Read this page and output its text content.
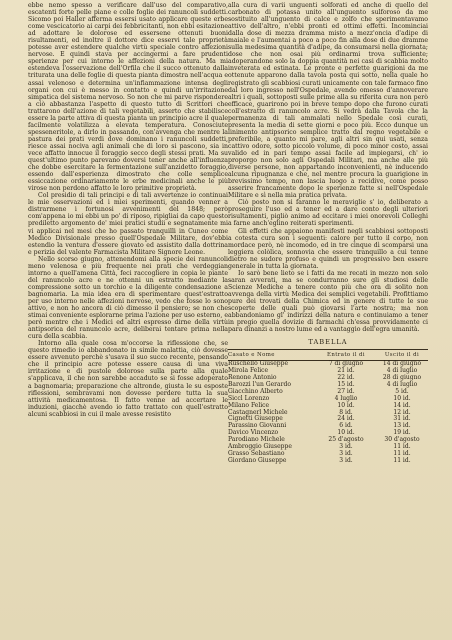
ebbe nemo spesso a verificare dall'uso del comparativo, escatenti forte pelle piane e colle foglie dei ranuncoli suddetti. Sicomo poi Haller afferma essersi usato applicare queste erbe come vescicatorio ai carpi dei febbricitanti, non ebbi esitazione ad adottare le dolorose ed essersene ottenuti buoni risultamenti, ed inoltre il dottore dice esservi tale proprietà potesse aver estendere qualche virtù speciale contro affezioni nervose. E quindi stava per accingermi a fare prudenti sperienze per cui intorno le affezioni della natura. Ma mi estendeva l'osservazione dell'Orfila che il succo ottenuto dalla triturata una delle foglie di questa pianta dimostra nell'acqua e assai velenoso e determina un'infiammazione intensa degli organi con cui è messo in contatto e quindi un'irritazione simpatica del sistema nervoso. So non che mi parve rispondere a ciò abbastanza l'aspetto di questo tutto di Scrittori che trattarono dell'azione di tali vegetabili, asserto che stabilisce essere la parte attiva di questa pianta un principio acre il quale facilmente volatilizza a elevata temperatura. Conosciute spesseneritole, a dirlo in passando, con'avvenga che mentre la pastura dei prati verdi dove dominano i ranuncoli suddetti, riesce assai nociva agli animali che di loro si pascono, sia in vece affatto innocue il foraggio secco degli stessi prati. Ma su quest'ultimo punto parevano doversi tener anche all'influenza che dobbe esercitare la fermentazione sull'anzidetto foraggio, essendo dall'esperienza dimostrato che colle semplice essiccazione ordinariamente le erbe medicinali anche le più virose non perdono affatto le loro primitive proprietà.

Col presidio di tali principi e di tali avvertenze io continuai le mie osservazioni ed i miei sperimenti, quando venner a distrarmene i fortunosi avvenimenti del 1848; però com'appena io mi ebbi un po' di riposo, ripigliai da capo questo prediletto argomento de' miei pratici studii e segnatamente mi vi applicai nel mesi che ho passato tranquilli in Cuneo come Medico Divisionale presso quell'Ospedale Militare, dov'ebbi estendio la ventura d'essere giovato ed assistito dalla dottrina e perizia del valente Farmacista Militare Signore Leone.

Nello scorso giugno, attenendomi alla specie dei ranuncoli meno velenosa e più frequente nei prati che verdeggian intorno a quell'amena Città, feci raccogliere in copia le piante del ranuncolo acre e ne ottenni un estratto mediante la compressione sotto un torchio e la diligente condensazione a bagnomaria. La mia idea era di sperimentare quest'estratto per uso interno nelle affezioni nervose, vedo che fosse lo sono attivo, e non ho ancora di ciò dimesso il pensiero; se non che stimai conveniente esplorarne prima l'azione per uso esterno, e però mentre che i Medici ed altri espresso dirne della virtù antipsorica del ranuncolo acre, deliberai tentare prima nella cura della scabbia.

Intorno alla quale cosa m'occorse la riflessione che, se questo rimedio io abbandonato in simile malattia, ciò dovesse essere avvenuto perchè s'usava il suo succo recente, pensando che il principio acre potesse essere causa di una viva irritazione e di pustole dolorose sulla parte alla quale s'applicava, il che non sarebbe accaduto se si fosse adoperato a bagnomaria; preparazione che altronde, giusta le su esposte riflessioni, sembravami non dovesse perdere tutta la sua attività medicamentosa. Il fatto venne ad accertare le induzioni, giacchè avendo io fatto trattato con quell'estratto alcuni scabbiosi in cui il male avesse resistito

alla cura di varii unguenti solforati ed anche di quello del carbonato di potassa unito all'unguento sulforoso da me sostituito all'unguento di calce e zolfo che sperimentavamo attivo dell'altro, n'ebbi pronti ed ottimi effetti. Incominciai dalla dose di mezza dramma misto a mezz'oncia d'adipe di maiale e l'aumentai a poco a poco fin alla dose di due dramme sulla medesima quantità d'adipe, da consumarsi nella giornata; dose che non osai più ordinarmi trova sufficiente; adoperandone solo la doppia quantità nei casi di scabbia molto inveterata ed estinata. Le pronte e perfette guarigioni da me ottenute apparono dalla tavola posta qui sotto, nella quale ho registrato gli scabbiosi curati unicamente con tale farmaco fino dal loro ingresso nell'Ospedale, avendo omesso d'annoverare altri i quali, sottoposti sulle prime alla su riferita cura non però efficace, guarirono poi in breve tempo dopo che furono curati coll'estratto di ranuncolo acre. Si vedrà dalla Tavola che la permanenza di tali ammalati nello Spedale così curati, presenta la media di sette giorni e poco più. Ecco dunque un linimento antipsorico semplice tratto dal regno vegetabile e preferibile, a quanto mi pare, agli altri sin qui usati, senza cattivo odore, sotto piccolo volume, di poco minor costo, assai valido ed in pari tempo assai facile ad impiegarsi, ch' io proporgo non solo agli Ospedali Militari, ma anche alle più diverse persone, non appartando inconvenienti, nè inducendo alcuna ripugnanza e che, nel mentre procura la guarigione in brevissimo tempo, non lascia luogo a recidive, come posso asserire francamente dopo le sperienze fatte si nell'Ospedale Militare e sì nella mia pratica privata.

Ciò posto non si faranno le meraviglie s' io, deliberato a proseguire l'uso ed a tener ed a dare conto degli ulteriori risultamenti, pigliò animo ad eccitare i miei onorevoli Colleghi a farne anch'eglino reiterati sperimenti.

Gli effetti che appaiono manifesti negli scabbiosi sottoposti a cotesta cura son i seguenti: calore per tutto il corpo, non mordace però, nè incomodo, ed in tre cinque dì scomparsi una leggiera colòlica, sonnovia che essere tranquillo a cui tenne dietro ne sudore profuso e quindi un progressivo ben essere generale in tutta la giornata.

Io sarò bene lieto se i fatti da me recati in mezzo non solo saran avverati, ma se condurranno sure gli studiosi delle Scienze Mediche a tenere conto più che ora di solito non avvenga della virtù Medica dei semplici vegetabili. Profittiamo pure dei trovati della Chimica ed in genere di tutte le sue scoperte delle quali può giovarsi l'arte nostra; ma non abbandoniamo gl' indirizzi della natura e continuiamo a tener in pregio quella dovizie di farmachi ch'essa provvidamente ci para dinanzi a nostro lume ed a vantaggio dell'egra umanità.

TABELLA
Casato e Nome	Entrato il di	Uscito il di
Ruschello Giuseppe	7 di giugno	14 di giugno
Mirola Felice	21 id.	4 di luglio
Renone Antonio	22 id.	28 di giugno
Barozzi l'un Gerardo	15 id.	4 di luglio
Giacchino Alberto	27 id.	5 id.
Siccl Lorenzo	4 luglio	10 id.
Milano Felice	10 id.	14 id.
Castagnerl Michele	8 id.	12 id.
Cignetti Giuseppe	24 id.	31 id.
Parassino Giovanni	6 id.	13 id.
Davico Vincenzo	10 id.	19 id.
Parodiano Michele	25 d'agosto	30 d'agosto
Ambroggio Giuseppe	3 id.	11 id.
Grasso Sebastiano	3 id.	11 id.
Giordano Giuseppe	3 id.	11 id.
